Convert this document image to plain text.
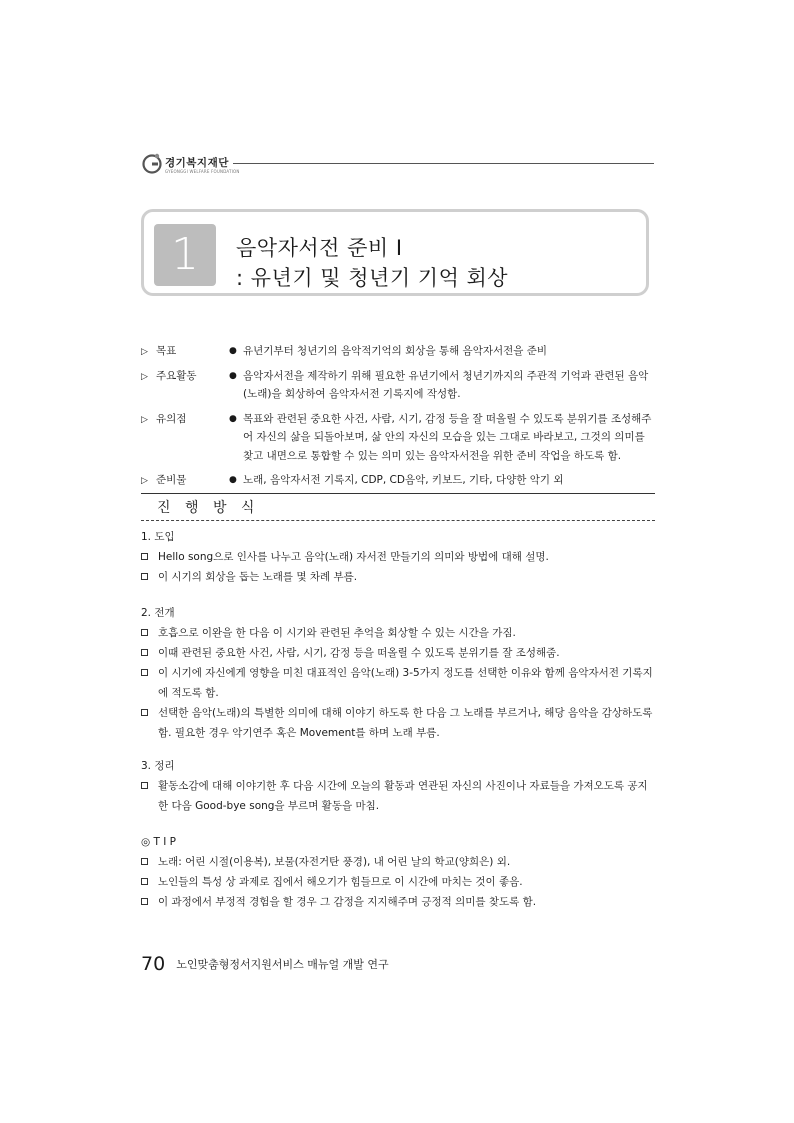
경기복지재단
GYEONGGI WELFARE FOUNDATION
1	음악자서전 준비 Ⅰ
: 유년기 및 청년기 기억 회상
▷ 목표	● 유년기부터 청년기의 음악적기억의 회상을 통해 음악자서전을 준비
▷ 주요활동	● 음악자서전을 제작하기 위해 필요한 유년기에서 청년기까지의 주관적 기억과 관련된 음악(노래)을 회상하여 음악자서전 기록지에 작성함.
▷ 유의점	● 목표와 관련된 중요한 사건, 사람, 시기, 감정 등을 잘 떠올릴 수 있도록 분위기를 조성해주어 자신의 삶을 되돌아보며, 삶 안의 자신의 모습을 있는 그대로 바라보고, 그것의 의미를 찾고 내면으로 통합할 수 있는 의미 있는 음악자서전을 위한 준비 작업을 하도록 함.
▷ 준비물	● 노래, 음악자서전 기록지, CDP, CD음악, 키보드, 기타, 다양한 악기 외
진 행 방 식
1. 도입
Hello song으로 인사를 나누고 음악(노래) 자서전 만들기의 의미와 방법에 대해 설명.
이 시기의 회상을 돕는 노래를 몇 차례 부름.
2. 전개
호흡으로 이완을 한 다음 이 시기와 관련된 추억을 회상할 수 있는 시간을 가짐.
이때 관련된 중요한 사건, 사람, 시기, 감정 등을 떠올릴 수 있도록 분위기를 잘 조성해줌.
이 시기에 자신에게 영향을 미친 대표적인 음악(노래) 3-5가지 정도를 선택한 이유와 함께 음악자서전 기록지에 적도록 함.
선택한 음악(노래)의 특별한 의미에 대해 이야기 하도록 한 다음 그 노래를 부르거나, 해당 음악을 감상하도록 함. 필요한 경우 악기연주 혹은 Movement를 하며 노래 부름.
3. 정리
활동소감에 대해 이야기한 후 다음 시간에 오늘의 활동과 연관된 자신의 사진이나 자료들을 가져오도록 공지한 다음 Good-bye song을 부르며 활동을 마침.
◎ T I P
노래: 어린 시절(이용복), 보물(자전거탄 풍경), 내 어린 날의 학교(양희은) 외.
노인들의 특성 상 과제로 집에서 해오기가 힘들므로 이 시간에 마치는 것이 좋음.
이 과정에서 부정적 경험을 할 경우 그 감정을 지지해주며 긍정적 의미를 찾도록 함.
70 노인맞춤형정서지원서비스 매뉴얼 개발 연구
